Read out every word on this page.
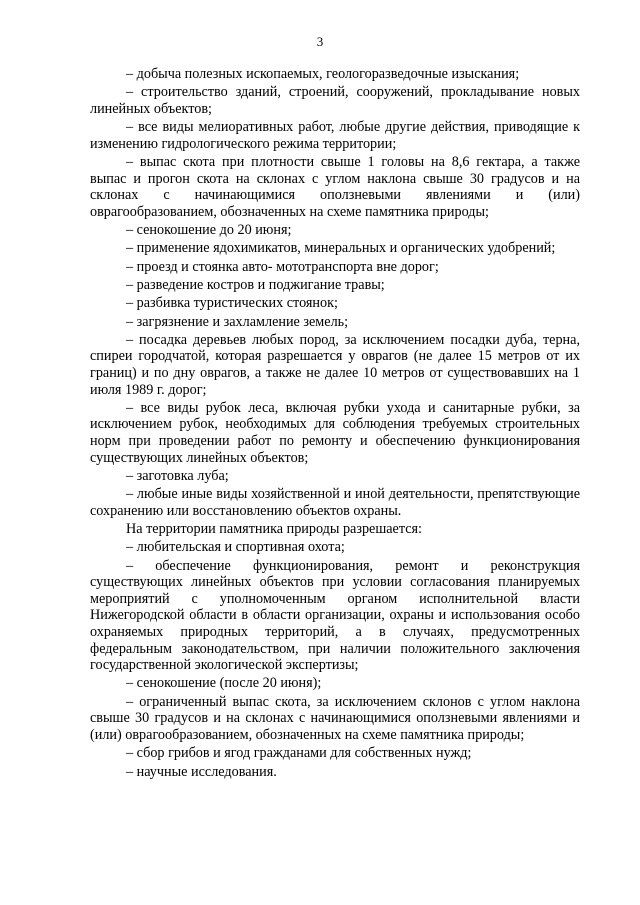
3

– добыча полезных ископаемых, геологоразведочные изыскания;

– строительство зданий, строений, сооружений, прокладывание новых линейных объектов;

– все виды мелиоративных работ, любые другие действия, приводящие к изменению гидрологического режима территории;

– выпас скота при плотности свыше 1 головы на 8,6 гектара, а также выпас и прогон скота на склонах с углом наклона свыше 30 градусов и на склонах с начинающимися оползневыми явлениями и (или) оврагообразованием, обозначенных на схеме памятника природы;

– сенокошение до 20 июня;

– применение ядохимикатов, минеральных и органических удобрений;

– проезд и стоянка авто- мототранспорта вне дорог;

– разведение костров и поджигание травы;

– разбивка туристических стоянок;

– загрязнение и захламление земель;

– посадка деревьев любых пород, за исключением посадки дуба, терна, спиреи городчатой, которая разрешается у оврагов (не далее 15 метров от их границ) и по дну оврагов, а также не далее 10 метров от существовавших на 1 июля 1989 г. дорог;

– все виды рубок леса, включая рубки ухода и санитарные рубки, за исключением рубок, необходимых для соблюдения требуемых строительных норм при проведении работ по ремонту и обеспечению функционирования существующих линейных объектов;

– заготовка луба;

– любые иные виды хозяйственной и иной деятельности, препятствующие сохранению или восстановлению объектов охраны.

На территории памятника природы разрешается:

– любительская и спортивная охота;

– обеспечение функционирования, ремонт и реконструкция существующих линейных объектов при условии согласования планируемых мероприятий с уполномоченным органом исполнительной власти Нижегородской области в области организации, охраны и использования особо охраняемых природных территорий, а в случаях, предусмотренных федеральным законодательством, при наличии положительного заключения государственной экологической экспертизы;

– сенокошение (после 20 июня);

– ограниченный выпас скота, за исключением склонов с углом наклона свыше 30 градусов и на склонах с начинающимися оползневыми явлениями и (или) оврагообразованием, обозначенных на схеме памятника природы;

– сбор грибов и ягод гражданами для собственных нужд;

– научные исследования.
